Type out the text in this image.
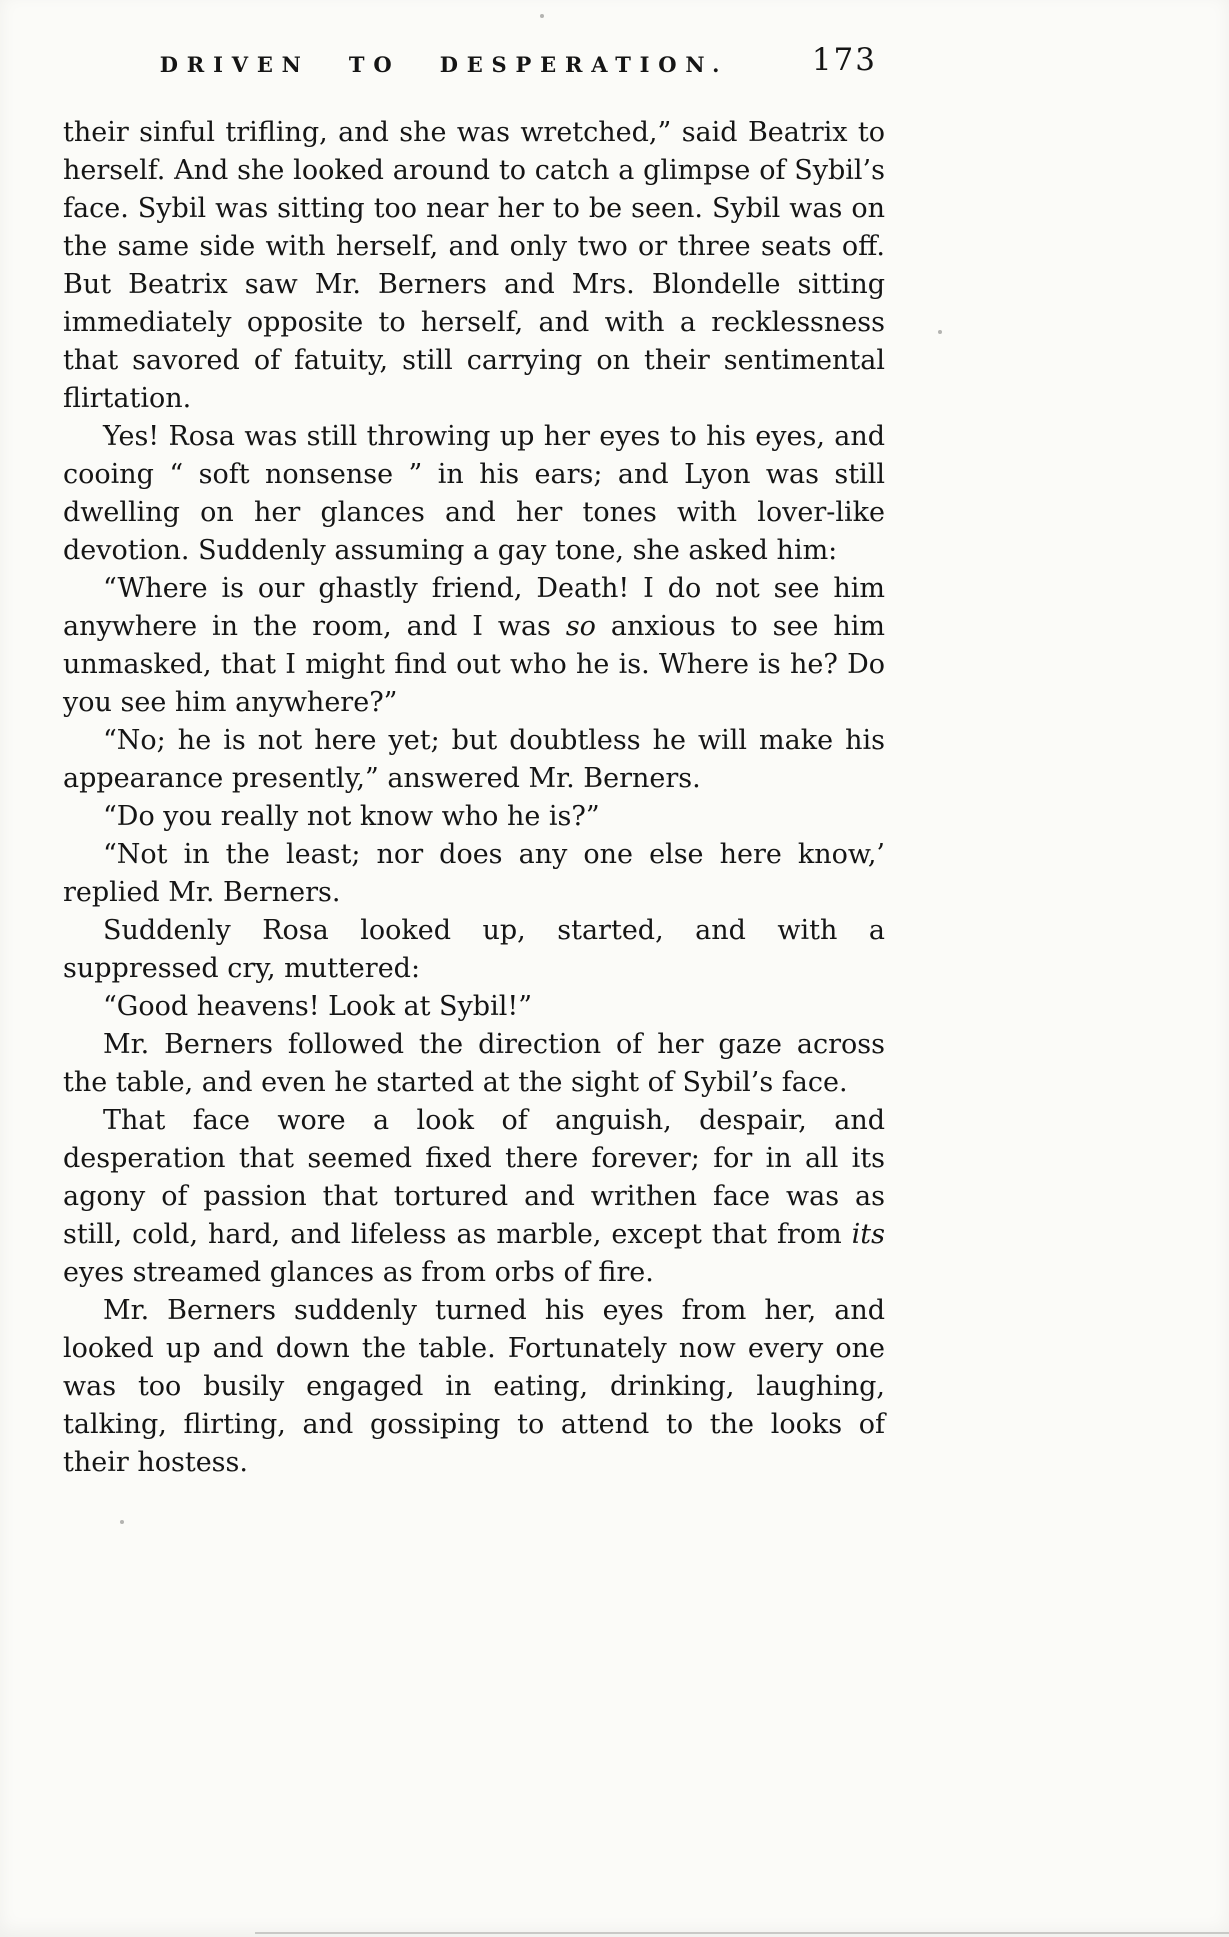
DRIVEN TO DESPERATION.	173

their sinful trifling, and she was wretched,” said Beatrix to herself. And she looked around to catch a glimpse of Sybil’s face. Sybil was sitting too near her to be seen. Sybil was on the same side with herself, and only two or three seats off. But Beatrix saw Mr. Berners and Mrs. Blondelle sitting immediately opposite to herself, and with a recklessness that savored of fatuity, still carrying on their sentimental flirtation.

Yes! Rosa was still throwing up her eyes to his eyes, and cooing “ soft nonsense ” in his ears; and Lyon was still dwelling on her glances and her tones with lover-like devotion. Suddenly assuming a gay tone, she asked him:

“Where is our ghastly friend, Death! I do not see him anywhere in the room, and I was so anxious to see him unmasked, that I might find out who he is. Where is he? Do you see him anywhere?”

“No; he is not here yet; but doubtless he will make his appearance presently,” answered Mr. Berners.

“Do you really not know who he is?”

“Not in the least; nor does any one else here know,’ replied Mr. Berners.

Suddenly Rosa looked up, started, and with a suppressed cry, muttered:

“Good heavens! Look at Sybil!”

Mr. Berners followed the direction of her gaze across the table, and even he started at the sight of Sybil’s face.

That face wore a look of anguish, despair, and desperation that seemed fixed there forever; for in all its agony of passion that tortured and writhen face was as still, cold, hard, and lifeless as marble, except that from its eyes streamed glances as from orbs of fire.

Mr. Berners suddenly turned his eyes from her, and looked up and down the table. Fortunately now every one was too busily engaged in eating, drinking, laughing, talking, flirting, and gossiping to attend to the looks of their hostess.
